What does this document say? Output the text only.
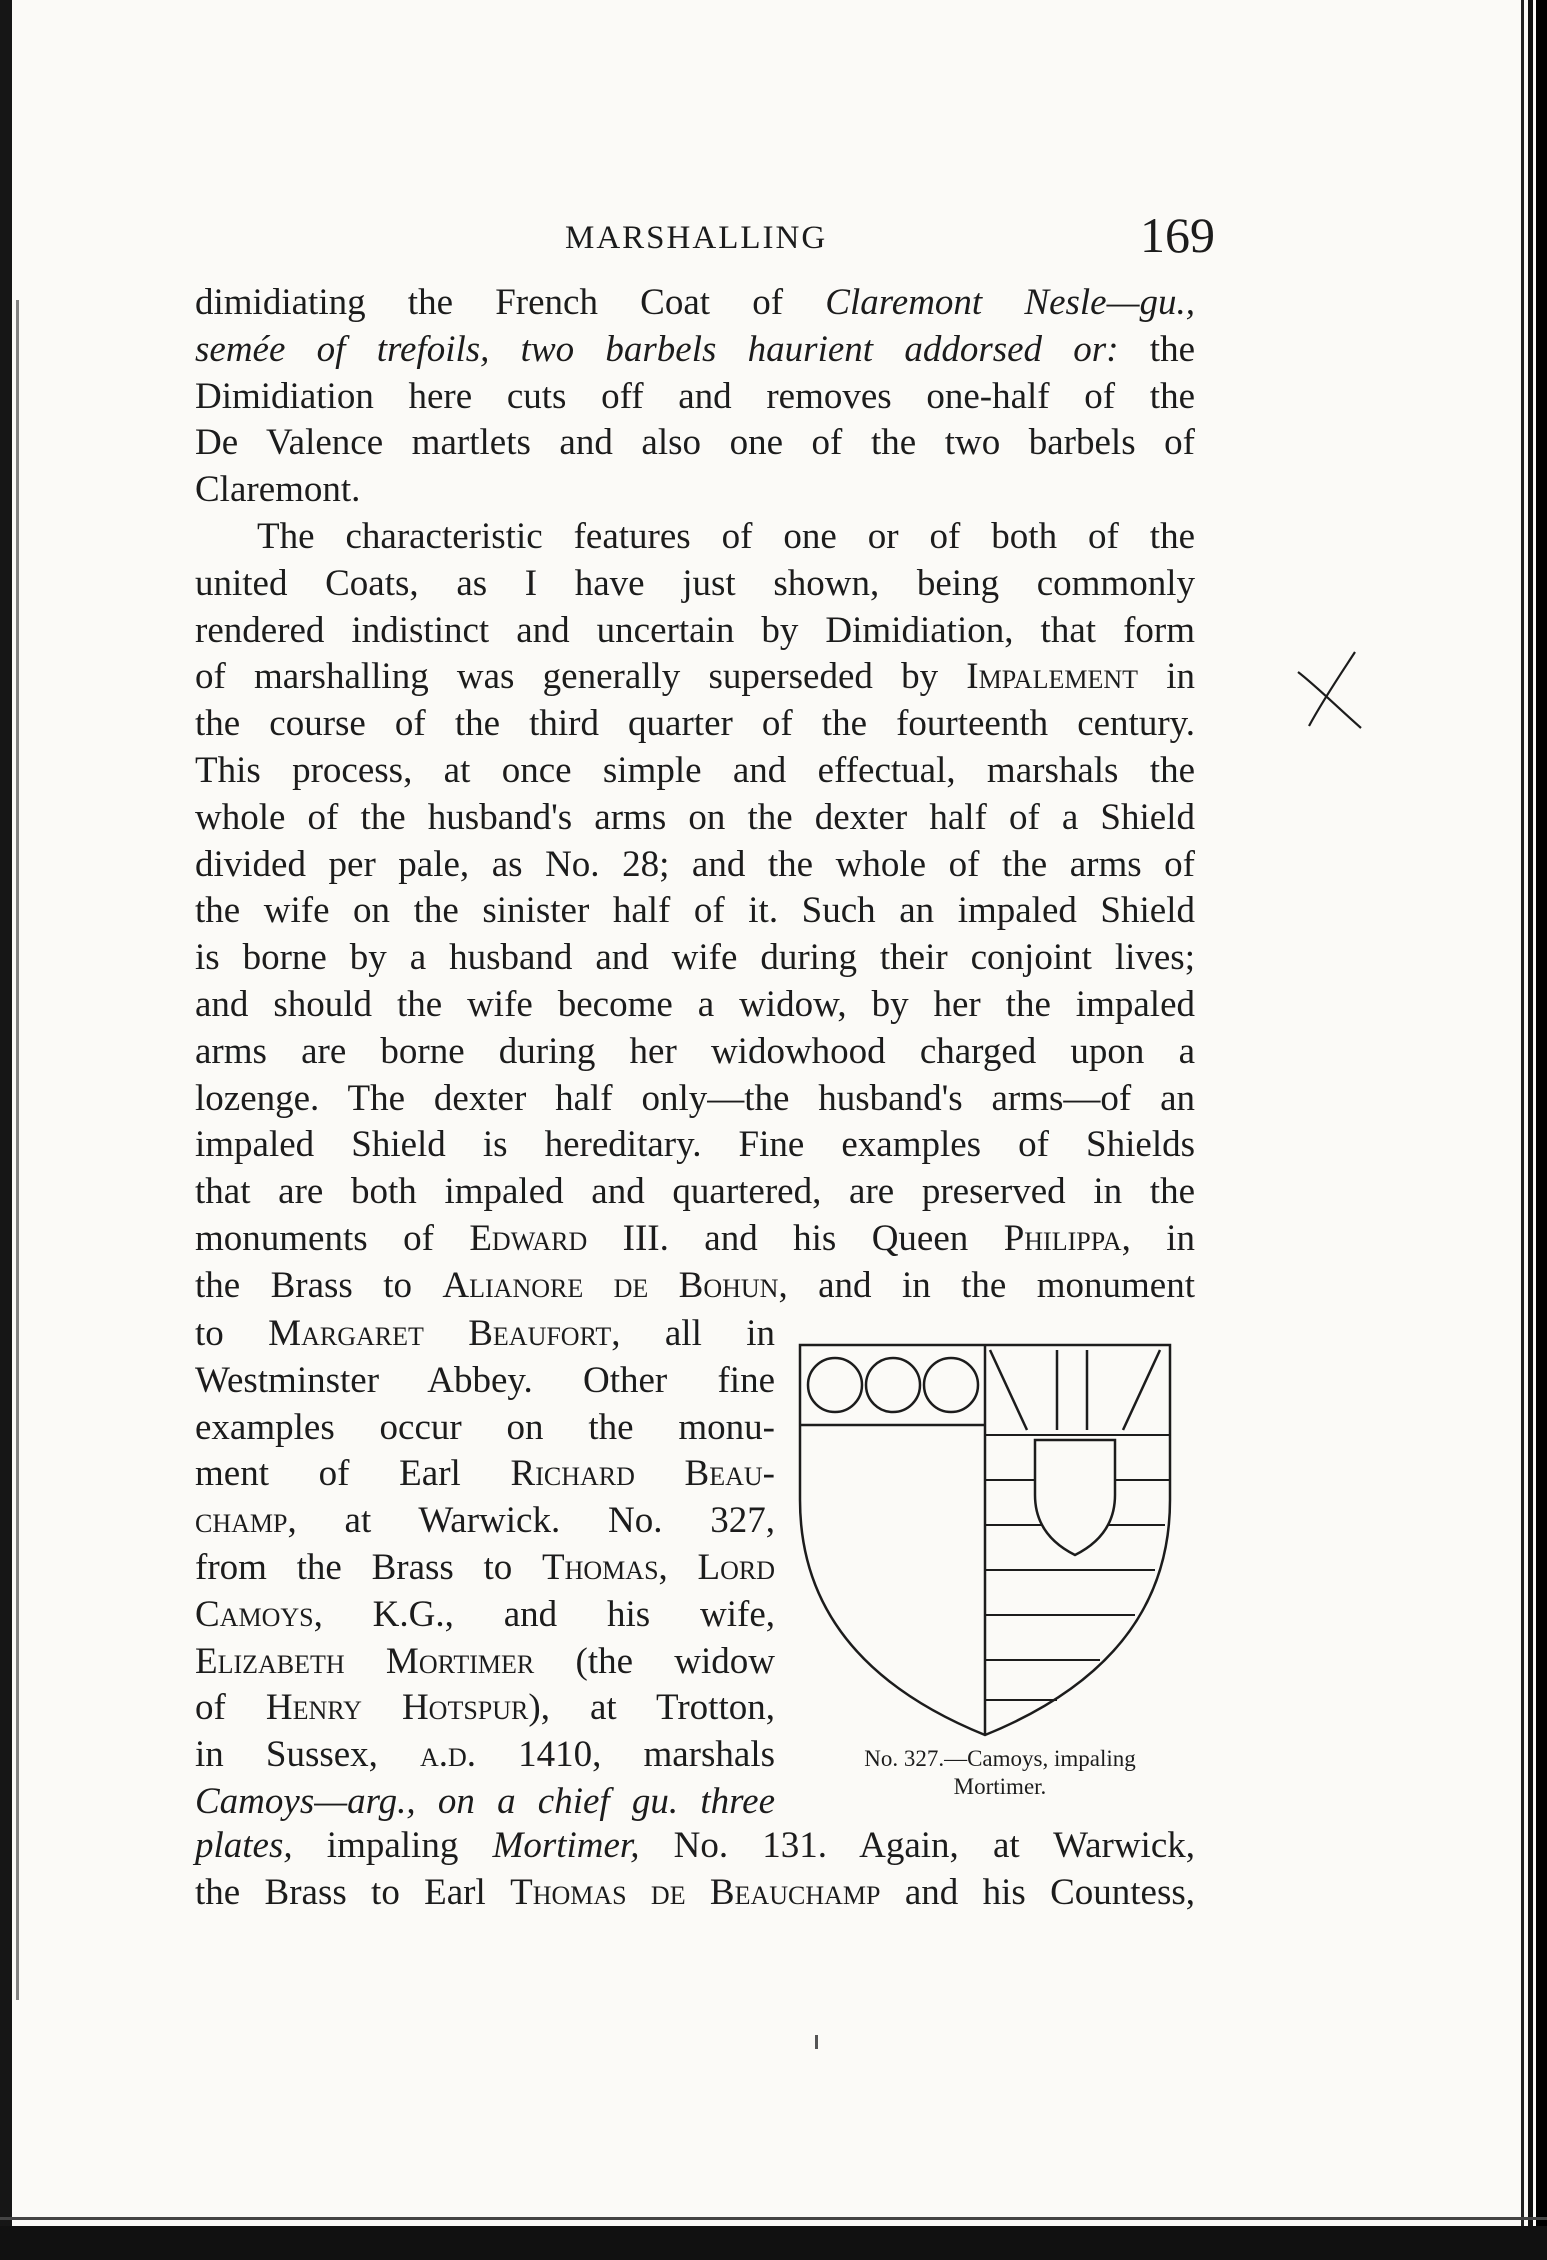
MARSHALLING	169

dimidiating the French Coat of Claremont Nesle—gu.,
semée of trefoils, two barbels haurient addorsed or: the
Dimidiation here cuts off and removes one-half of the
De Valence martlets and also one of the two barbels of
Claremont.

The characteristic features of one or of both of the
united Coats, as I have just shown, being commonly
rendered indistinct and uncertain by Dimidiation, that form
of marshalling was generally superseded by Impalement in
the course of the third quarter of the fourteenth century.
This process, at once simple and effectual, marshals the
whole of the husband's arms on the dexter half of a Shield
divided per pale, as No. 28; and the whole of the arms of
the wife on the sinister half of it. Such an impaled Shield
is borne by a husband and wife during their conjoint lives;
and should the wife become a widow, by her the impaled
arms are borne during her widowhood charged upon a
lozenge. The dexter half only—the husband's arms—of an
impaled Shield is hereditary. Fine examples of Shields
that are both impaled and quartered, are preserved in the
monuments of Edward III. and his Queen Philippa, in
the Brass to Alianore de Bohun, and in the monument

to Margaret Beaufort, all in
Westminster Abbey. Other fine
examples occur on the monu-
ment of Earl Richard Beau-
champ, at Warwick. No. 327,
from the Brass to Thomas, Lord
Camoys, K.G., and his wife,
Elizabeth Mortimer (the widow
of Henry Hotspur), at Trotton,
in Sussex, a.d. 1410, marshals
Camoys—arg., on a chief gu. three
plates, impaling Mortimer, No. 131. Again, at Warwick,
the Brass to Earl Thomas de Beauchamp and his Countess,
No. 327.—Camoys, impaling
Mortimer.
